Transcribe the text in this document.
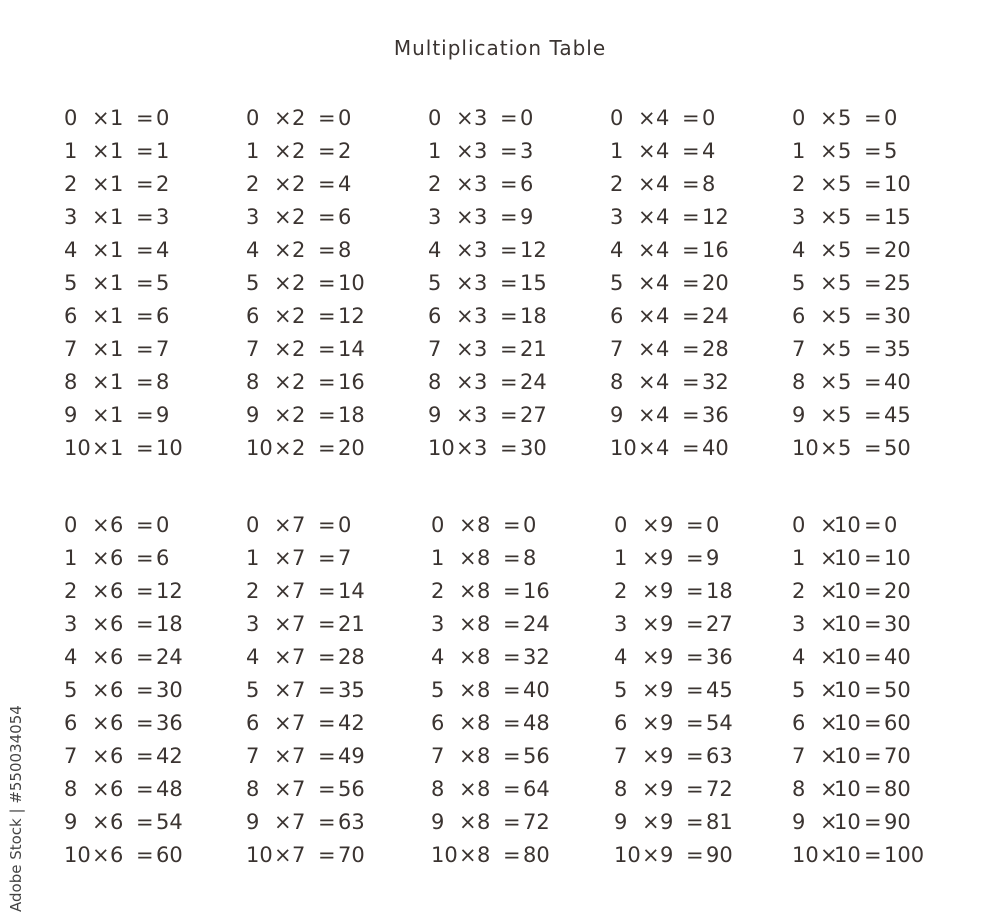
Multiplication Table
Adobe Stock | #550034054
0 × 1 = 0
1 × 1 = 1
2 × 1 = 2
3 × 1 = 3
4 × 1 = 4
5 × 1 = 5
6 × 1 = 6
7 × 1 = 7
8 × 1 = 8
9 × 1 = 9
10 × 1 = 10
0 × 2 = 0
1 × 2 = 2
2 × 2 = 4
3 × 2 = 6
4 × 2 = 8
5 × 2 = 10
6 × 2 = 12
7 × 2 = 14
8 × 2 = 16
9 × 2 = 18
10 × 2 = 20
0 × 3 = 0
1 × 3 = 3
2 × 3 = 6
3 × 3 = 9
4 × 3 = 12
5 × 3 = 15
6 × 3 = 18
7 × 3 = 21
8 × 3 = 24
9 × 3 = 27
10 × 3 = 30
0 × 4 = 0
1 × 4 = 4
2 × 4 = 8
3 × 4 = 12
4 × 4 = 16
5 × 4 = 20
6 × 4 = 24
7 × 4 = 28
8 × 4 = 32
9 × 4 = 36
10 × 4 = 40
0 × 5 = 0
1 × 5 = 5
2 × 5 = 10
3 × 5 = 15
4 × 5 = 20
5 × 5 = 25
6 × 5 = 30
7 × 5 = 35
8 × 5 = 40
9 × 5 = 45
10 × 5 = 50
0 × 6 = 0
1 × 6 = 6
2 × 6 = 12
3 × 6 = 18
4 × 6 = 24
5 × 6 = 30
6 × 6 = 36
7 × 6 = 42
8 × 6 = 48
9 × 6 = 54
10 × 6 = 60
0 × 7 = 0
1 × 7 = 7
2 × 7 = 14
3 × 7 = 21
4 × 7 = 28
5 × 7 = 35
6 × 7 = 42
7 × 7 = 49
8 × 7 = 56
9 × 7 = 63
10 × 7 = 70
0 × 8 = 0
1 × 8 = 8
2 × 8 = 16
3 × 8 = 24
4 × 8 = 32
5 × 8 = 40
6 × 8 = 48
7 × 8 = 56
8 × 8 = 64
9 × 8 = 72
10 × 8 = 80
0 × 9 = 0
1 × 9 = 9
2 × 9 = 18
3 × 9 = 27
4 × 9 = 36
5 × 9 = 45
6 × 9 = 54
7 × 9 = 63
8 × 9 = 72
9 × 9 = 81
10 × 9 = 90
0 ×
10 = 0
1 ×
10 = 10
2 ×
10 = 20
3 ×
10 = 30
4 ×
10 = 40
5 ×
10 = 50
6 ×
10 = 60
7 ×
10 = 70
8 ×
10 = 80
9 ×
10 = 90
10 ×
10 = 100
